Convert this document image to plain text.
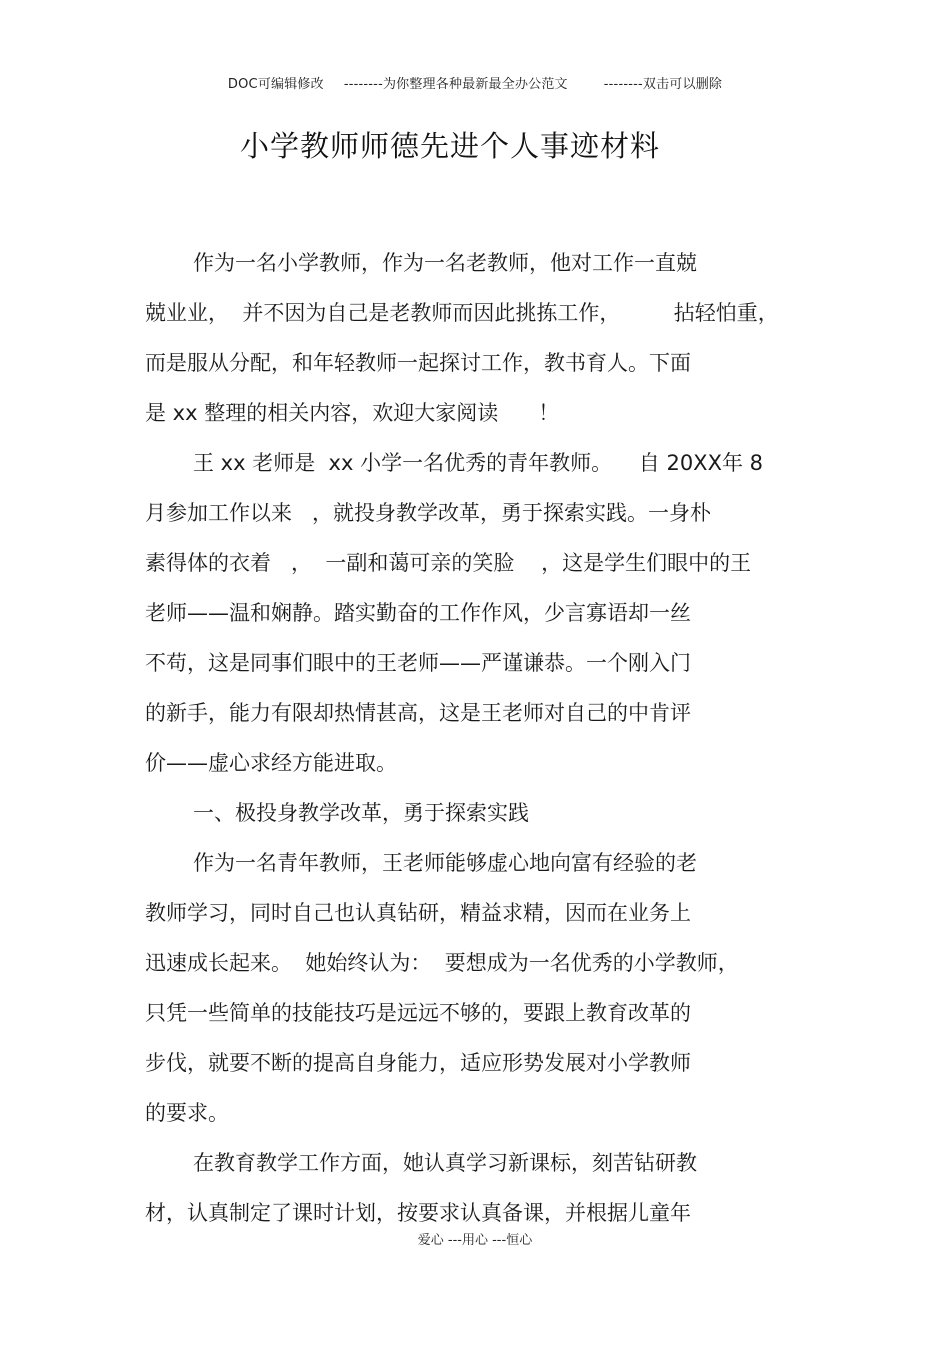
DOC可编辑修改 --------为你整理各种最新最全办公范文	--------双击可以删除
小学教师师德先进个人事迹材料
作为一名小学教师，作为一名老教师，他对工作一直兢
兢业业，  并不因为自己是老教师而因此挑拣工作，        拈轻怕重，
而是服从分配，和年轻教师一起探讨工作，教书育人。下面
是 xx 整理的相关内容，欢迎大家阅读      ！
王 xx 老师是  xx 小学一名优秀的青年教师。    自 20XX年 8
月参加工作以来   ，就投身教学改革，勇于探索实践。一身朴
素得体的衣着   ，  一副和蔼可亲的笑脸    ，这是学生们眼中的王
老师——温和娴静。踏实勤奋的工作作风，少言寡语却一丝
不苟，这是同事们眼中的王老师——严谨谦恭。一个刚入门
的新手，能力有限却热情甚高，这是王老师对自己的中肯评
价——虚心求经方能进取。
一、极投身教学改革，勇于探索实践
作为一名青年教师，王老师能够虚心地向富有经验的老
教师学习，同时自己也认真钻研，精益求精，因而在业务上
迅速成长起来。  她始终认为：  要想成为一名优秀的小学教师，
只凭一些简单的技能技巧是远远不够的，要跟上教育改革的
步伐，就要不断的提高自身能力，适应形势发展对小学教师
的要求。
在教育教学工作方面，她认真学习新课标，刻苦钻研教
材，认真制定了课时计划，按要求认真备课，并根据儿童年
爱心 ---用心 ---恒心
